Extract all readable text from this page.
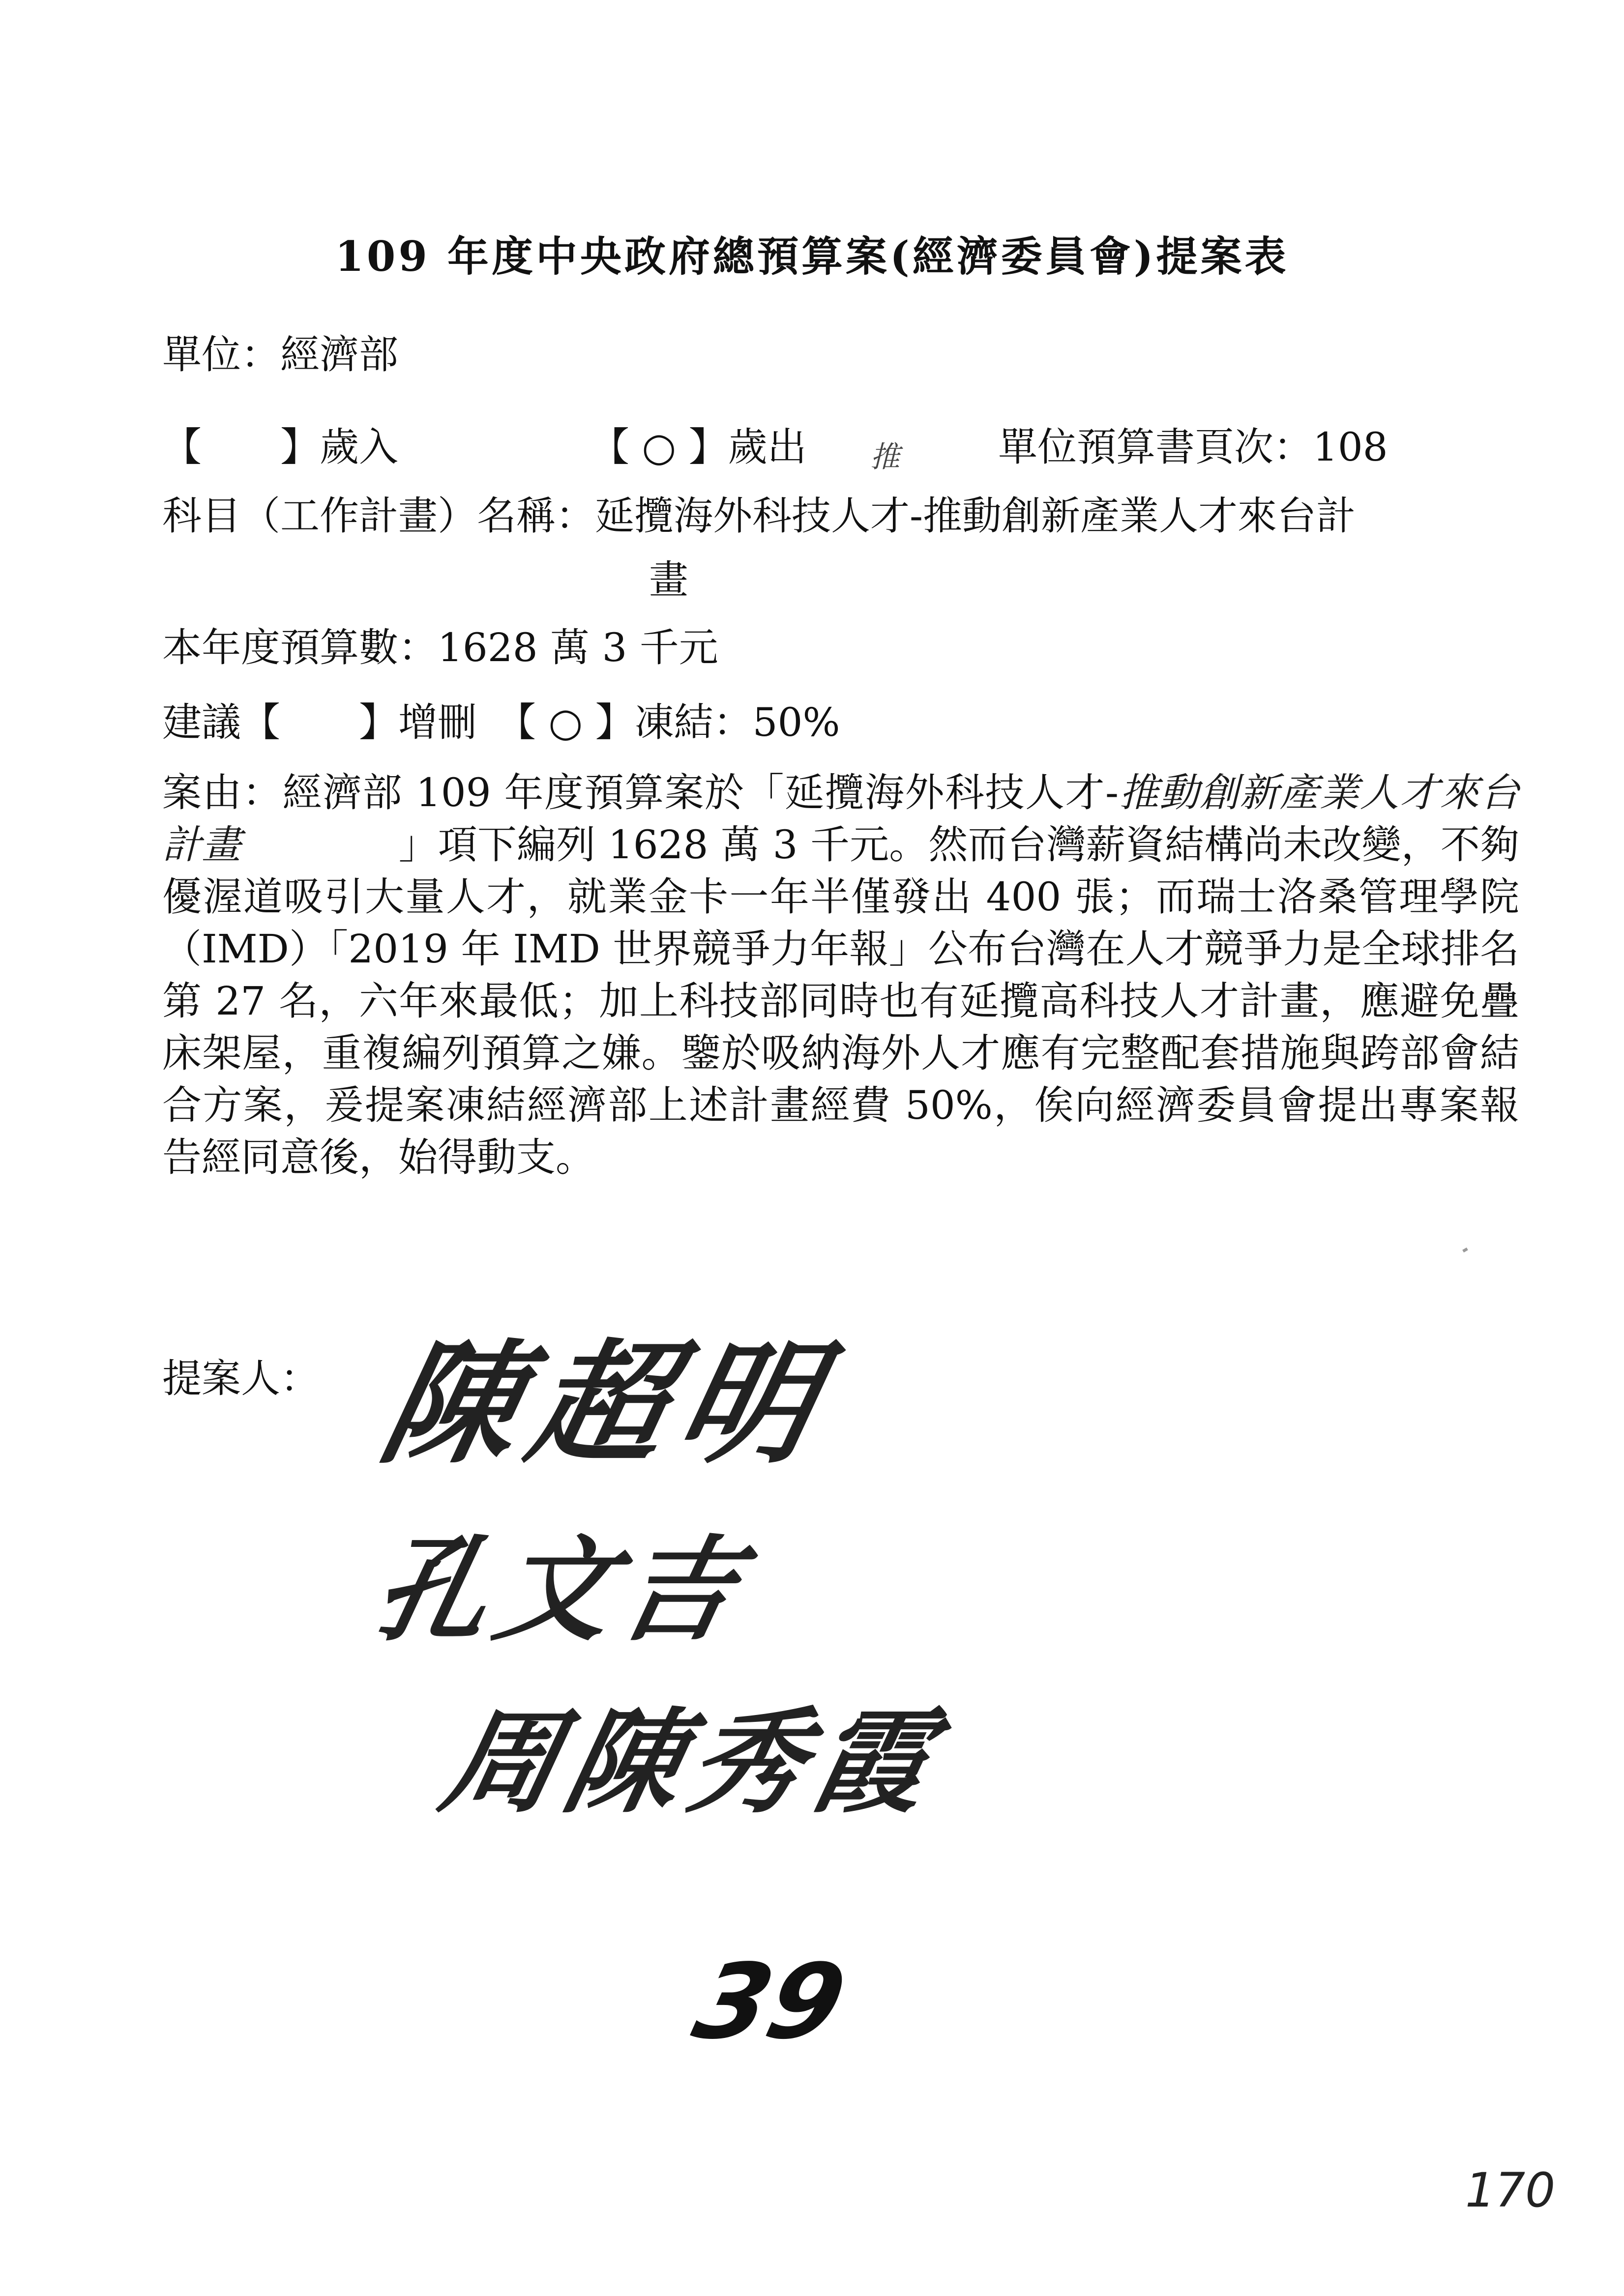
109 年度中央政府總預算案(經濟委員會)提案表
單位：經濟部
【　　】歲入	【 ○ 】歲出 推	單位預算書頁次：108
科目（工作計畫）名稱：延攬海外科技人才-推動創新產業人才來台計
畫
本年度預算數：1628 萬 3 千元
建議【　　】增刪　【 ○ 】凍結：50%
案由：經濟部 109 年度預算案於「延攬海外科技人才-推動創新產業人才來台計畫　　　　」項下編列 1628 萬 3 千元。然而台灣薪資結構尚未改變，不夠優渥道吸引大量人才，就業金卡一年半僅發出 400 張；而瑞士洛桑管理學院（IMD）「2019 年 IMD 世界競爭力年報」公布台灣在人才競爭力是全球排名第 27 名，六年來最低；加上科技部同時也有延攬高科技人才計畫，應避免疊床架屋，重複編列預算之嫌。鑒於吸納海外人才應有完整配套措施與跨部會結合方案，爰提案凍結經濟部上述計畫經費 50%，俟向經濟委員會提出專案報告經同意後，始得動支。
提案人： 陳超明
孔文吉
周陳秀霞
39
170
